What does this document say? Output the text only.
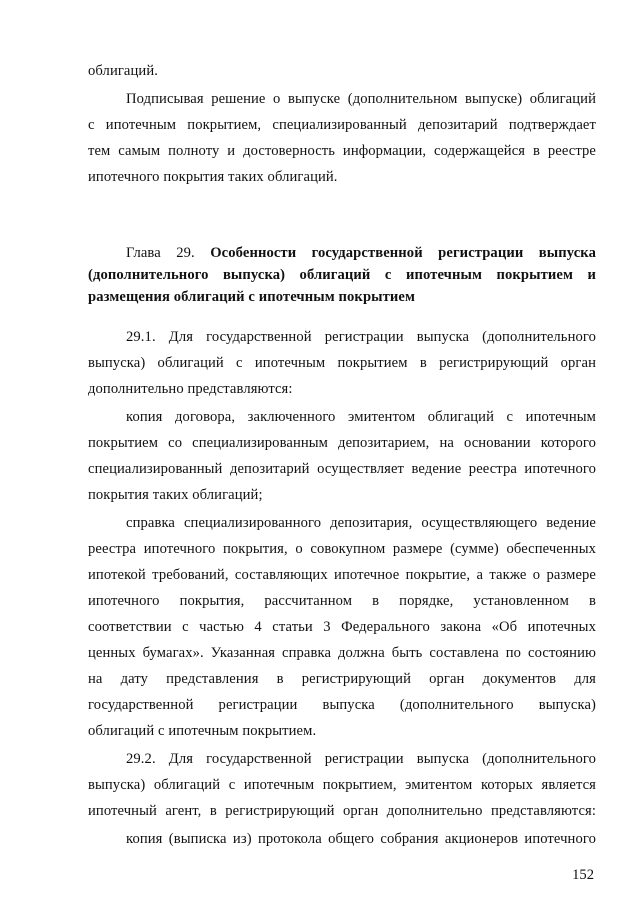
облигаций.
Подписывая решение о выпуске (дополнительном выпуске) облигаций
с ипотечным покрытием, специализированный депозитарий подтверждает
тем самым полноту и достоверность информации, содержащейся в реестре
ипотечного покрытия таких облигаций.
Глава 29. Особенности государственной регистрации выпуска
(дополнительного выпуска) облигаций с ипотечным покрытием и
размещения облигаций с ипотечным покрытием
29.1. Для государственной регистрации выпуска (дополнительного
выпуска) облигаций с ипотечным покрытием в регистрирующий орган
дополнительно представляются:
копия договора, заключенного эмитентом облигаций с ипотечным
покрытием со специализированным депозитарием, на основании которого
специализированный депозитарий осуществляет ведение реестра ипотечного
покрытия таких облигаций;
справка специализированного депозитария, осуществляющего ведение
реестра ипотечного покрытия, о совокупном размере (сумме) обеспеченных
ипотекой требований, составляющих ипотечное покрытие, а также о размере
ипотечного покрытия, рассчитанном в порядке, установленном в
соответствии с частью 4 статьи 3 Федерального закона «Об ипотечных
ценных бумагах». Указанная справка должна быть составлена по состоянию
на дату представления в регистрирующий орган документов для
государственной регистрации выпуска (дополнительного выпуска)
облигаций с ипотечным покрытием.
29.2. Для государственной регистрации выпуска (дополнительного
выпуска) облигаций с ипотечным покрытием, эмитентом которых является
ипотечный агент, в регистрирующий орган дополнительно представляются:
копия (выписка из) протокола общего собрания акционеров ипотечного
152
